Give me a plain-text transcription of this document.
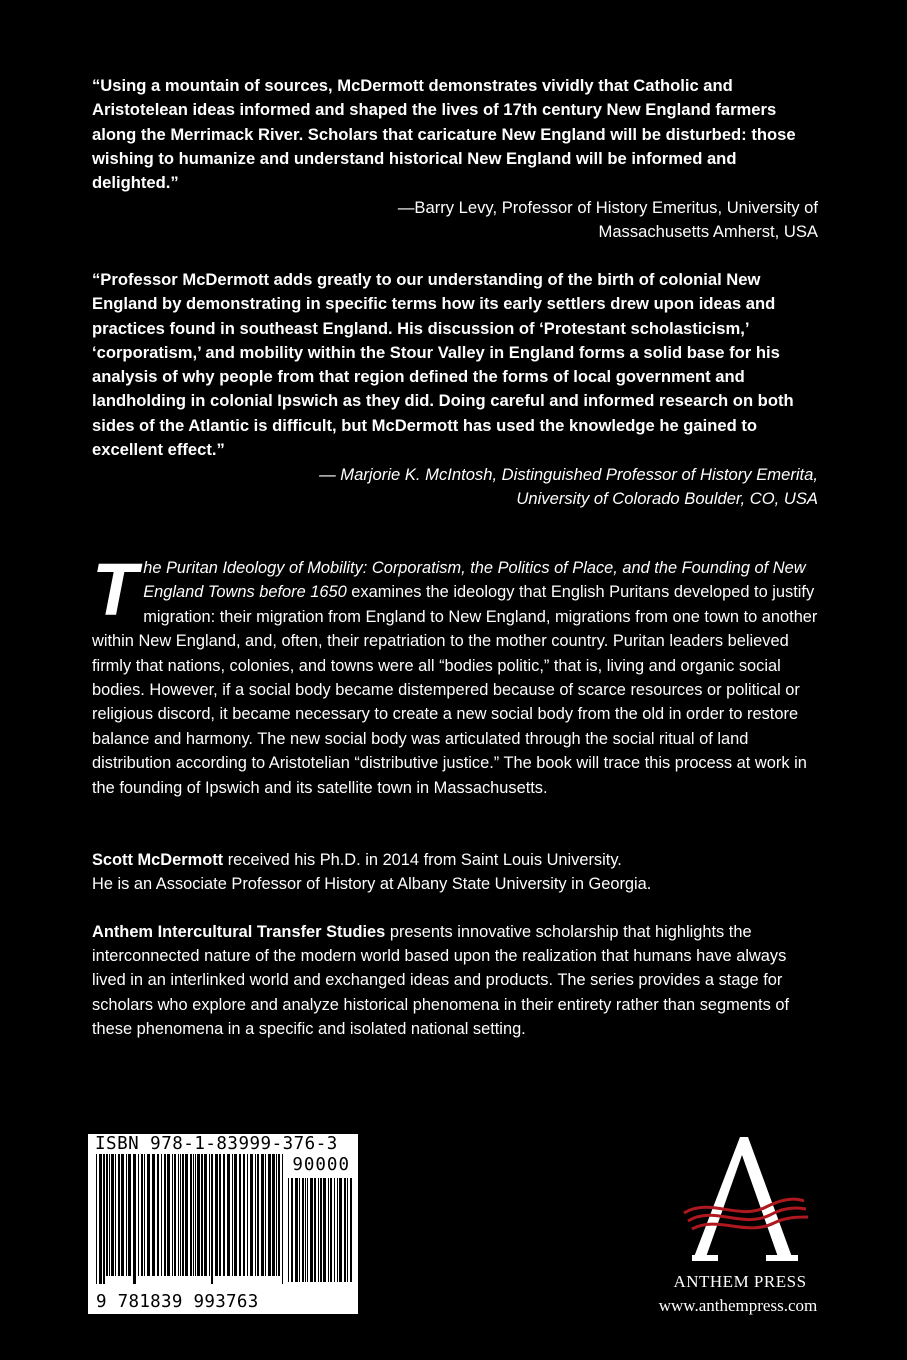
“Using a mountain of sources, McDermott demonstrates vividly that Catholic and Aristotelean ideas informed and shaped the lives of 17th century New England farmers along the Merrimack River. Scholars that caricature New England will be disturbed: those wishing to humanize and understand historical New England will be informed and delighted.”

—Barry Levy, Professor of History Emeritus, University of

Massachusetts Amherst, USA

“Professor McDermott adds greatly to our understanding of the birth of colonial New England by demonstrating in specific terms how its early settlers drew upon ideas and practices found in southeast England. His discussion of ‘Protestant scholasticism,’ ‘corporatism,’ and mobility within the Stour Valley in England forms a solid base for his analysis of why people from that region defined the forms of local government and landholding in colonial Ipswich as they did. Doing careful and informed research on both sides of the Atlantic is difficult, but McDermott has used the knowledge he gained to excellent effect.”

— Marjorie K. McIntosh, Distinguished Professor of History Emerita,

University of Colorado Boulder, CO, USA

The Puritan Ideology of Mobility: Corporatism, the Politics of Place, and the Founding of New England Towns before 1650 examines the ideology that English Puritans developed to justify migration: their migration from England to New England, migrations from one town to another within New England, and, often, their repatriation to the mother country. Puritan leaders believed firmly that nations, colonies, and towns were all “bodies politic,” that is, living and organic social bodies. However, if a social body became distempered because of scarce resources or political or religious discord, it became necessary to create a new social body from the old in order to restore balance and harmony. The new social body was articulated through the social ritual of land distribution according to Aristotelian “distributive justice.” The book will trace this process at work in the founding of Ipswich and its satellite town in Massachusetts.

Scott McDermott received his Ph.D. in 2014 from Saint Louis University.
He is an Associate Professor of History at Albany State University in Georgia.

Anthem Intercultural Transfer Studies presents innovative scholarship that highlights the interconnected nature of the modern world based upon the realization that humans have always lived in an interlinked world and exchanged ideas and products. The series provides a stage for scholars who explore and analyze historical phenomena in their entirety rather than segments of these phenomena in a specific and isolated national setting.

ISBN 978-1-83999-376-3
90000
9 781839 993763

ANTHEM PRESS

www.anthempress.com
